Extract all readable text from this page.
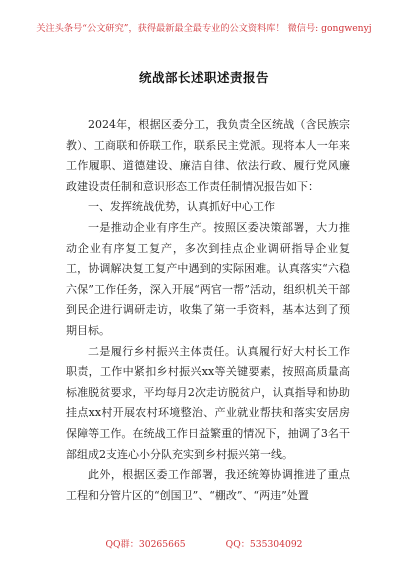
关注头条号“公文研究”，获得最新最全最专业的公文资料库！ 微信号: gongwenyj
统战部长述职述责报告

2024年，根据区委分工，我负责全区统战（含民族宗教）、工商联和侨联工作，联系民主党派。现将本人一年来工作履职、道德建设、廉洁自律、依法行政、履行党风廉政建设责任制和意识形态工作责任制情况报告如下：

一、发挥统战优势，认真抓好中心工作

一是推动企业有序生产。按照区委决策部署，大力推动企业有序复工复产，多次到挂点企业调研指导企业复工，协调解决复工复产中遇到的实际困难。认真落实“六稳六保”工作任务，深入开展“两官一帮”活动，组织机关干部到民企进行调研走访，收集了第一手资料，基本达到了预期目标。

二是履行乡村振兴主体责任。认真履行好大村长工作职责，工作中紧扣乡村振兴xx等关键要素，按照高质量高标准脱贫要求，平均每月2次走访脱贫户，认真指导和协助挂点xx村开展农村环境整治、产业就业帮扶和落实安居房保障等工作。在统战工作日益繁重的情况下，抽调了3名干部组成2支连心小分队充实到乡村振兴第一线。

此外，根据区委工作部署，我还统筹协调推进了重点工程和分管片区的“创国卫”、“棚改”、“两违”处置

QQ群：30265665	QQ：535304092
